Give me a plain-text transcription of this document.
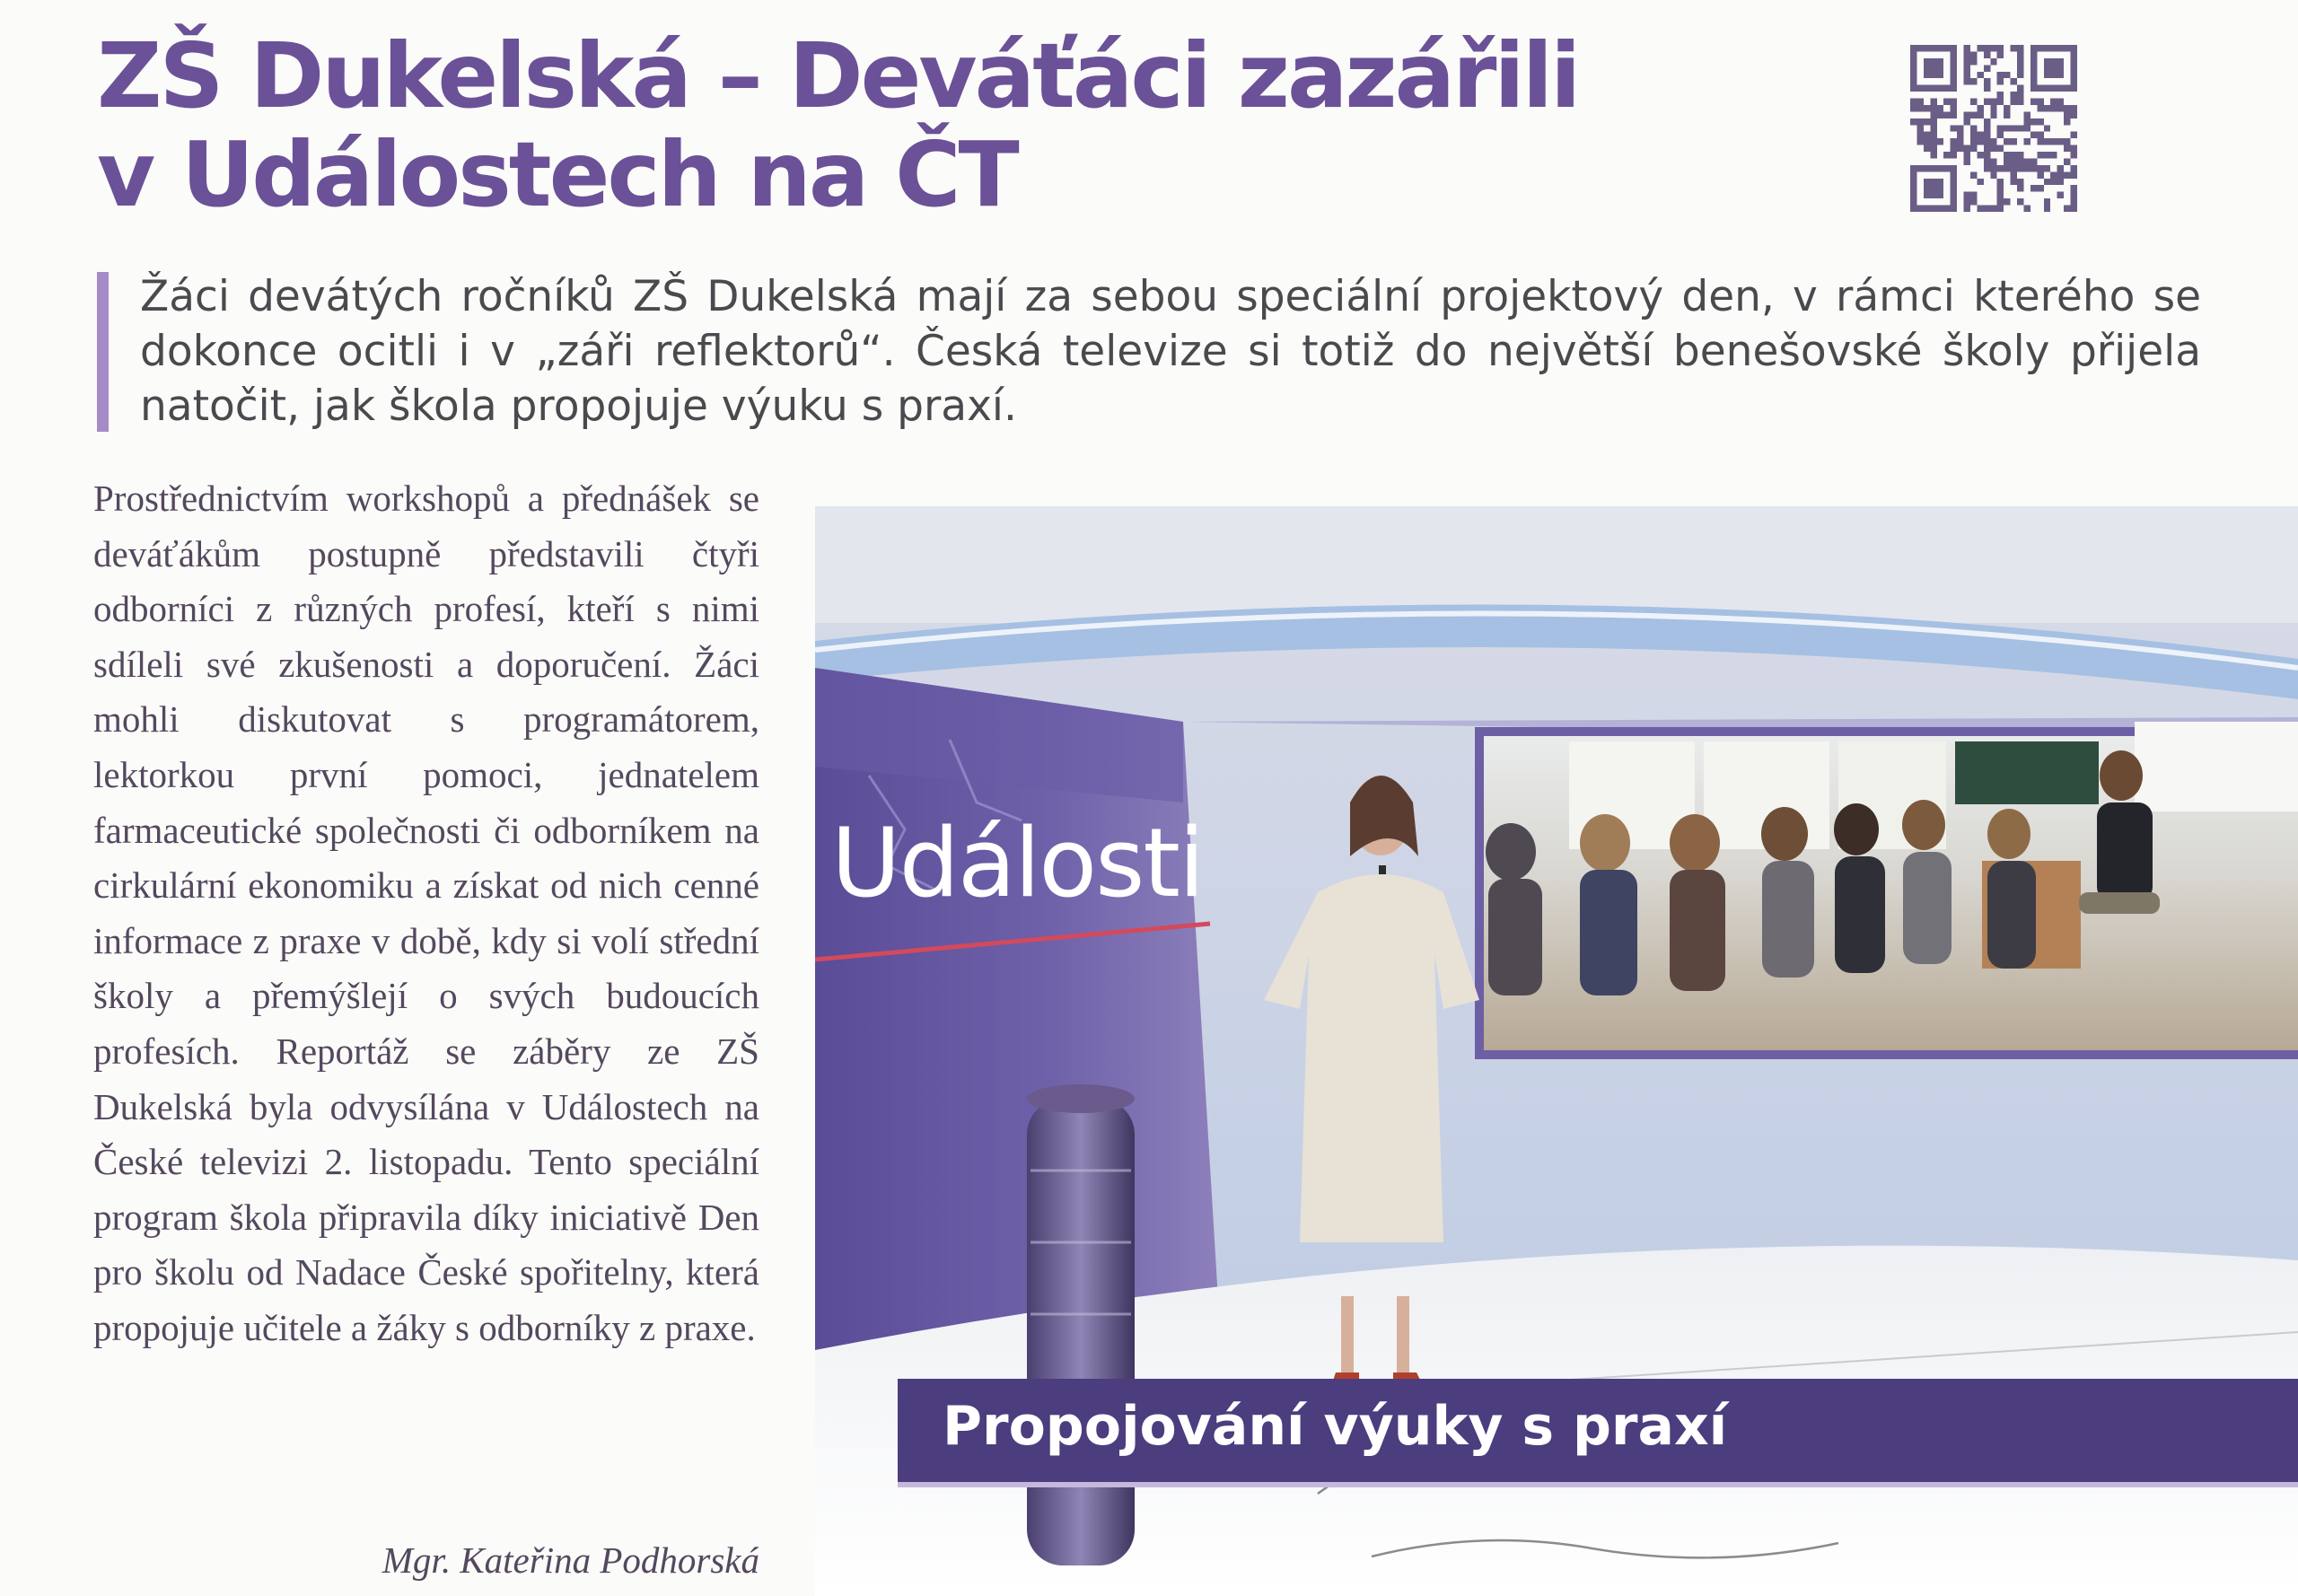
ZŠ Dukelská – Deváťáci zazářili
v Událostech na ČT

Žáci devátých ročníků ZŠ Dukelská mají za sebou speciální projektový den, v rámci kterého se dokonce ocitli i v „záři reflektorů“. Česká televize si totiž do největší benešovské školy přijela natočit, jak škola propojuje výuku s praxí.

Prostřednictvím workshopů a přednášek se deváťákům postupně představili čtyři odborníci z různých profesí, kteří s nimi sdíleli své zkušenosti a doporučení. Žáci mohli diskutovat s programátorem, lektorkou první pomoci, jednatelem farmaceutické společnosti či odborníkem na cirkulární ekonomiku a získat od nich cenné informace z praxe v době, kdy si volí střední školy a přemýšlejí o svých budoucích profesích. Reportáž se záběry ze ZŠ Dukelská byla odvysílána v Událostech na České televizi 2. listopadu. Tento speciální program škola připravila díky iniciativě Den pro školu od Nadace České spořitelny, která propojuje učitele a žáky s odborníky z praxe.

Mgr. Kateřina Podhorská

Události
Propojování výuky s praxí
